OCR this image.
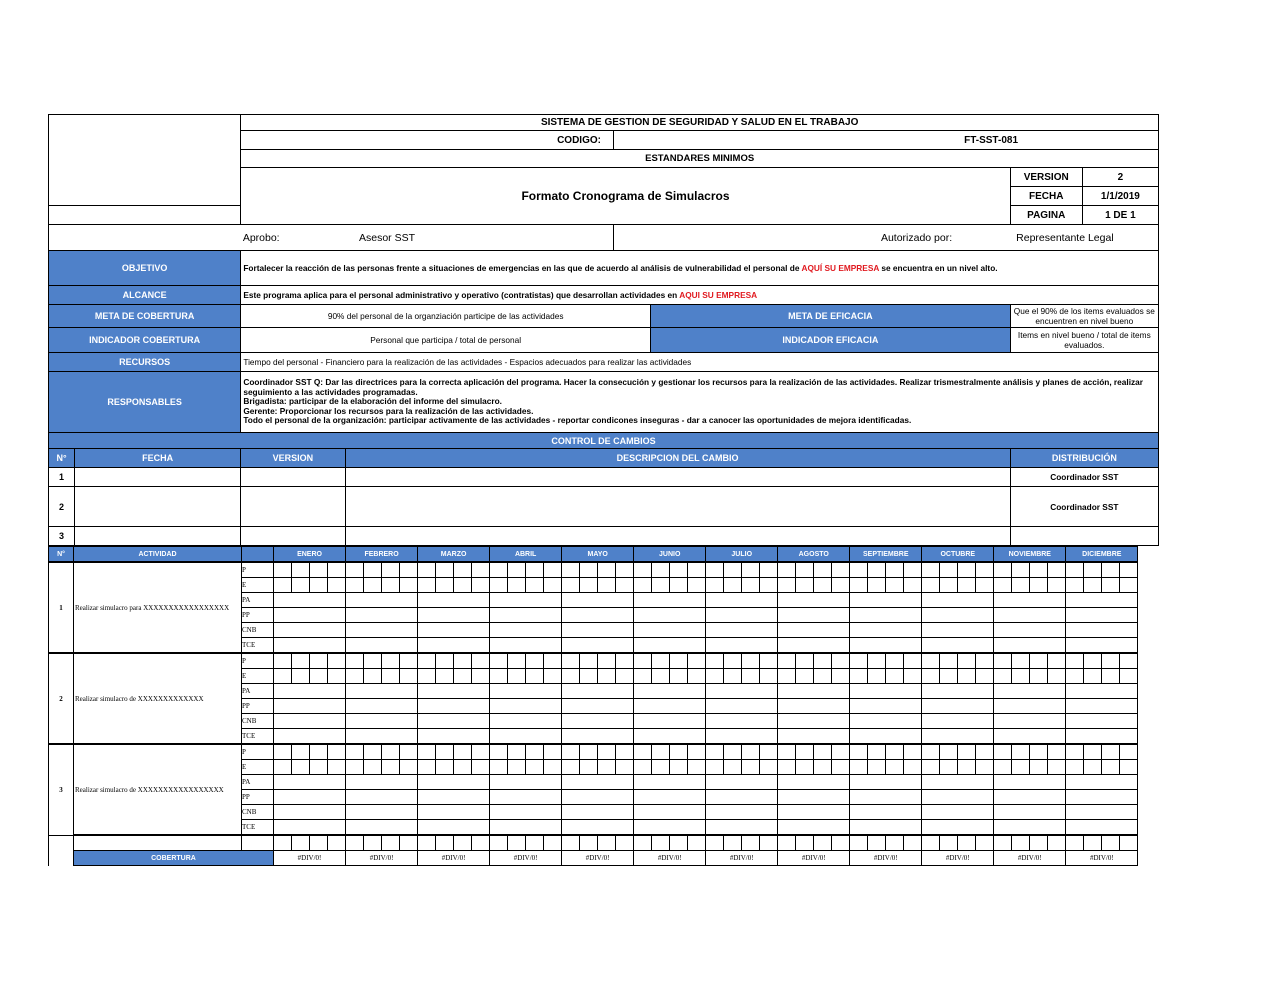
		SISTEMA DE GESTION DE SEGURIDAD Y SALUD EN EL TRABAJO					
		CODIGO:		FT-SST-081			
		ESTANDARES MINIMOS					
		Formato Cronograma de Simulacros				VERSION	2
						FECHA	1/1/2019
						PAGINA	1 DE 1
		Aprobo:	Asesor SST	Autorizado por:		Representante Legal	
OBJETIVO		Fortalecer la reacción de las personas frente a situaciones de emergencias en las que de acuerdo al análisis de vulnerabilidad el personal de AQUÍ SU EMPRESA se encuentra en un nivel alto.					
ALCANCE		Este programa aplica para el personal administrativo y operativo (contratistas) que desarrollan actividades en AQUI SU EMPRESA					
META DE COBERTURA		90% del personal de la organziación participe de las actividades			META DE EFICACIA	Que el 90% de los items evaluados se encuentren en nivel bueno	
INDICADOR COBERTURA		Personal que participa / total de personal			INDICADOR EFICACIA	Items en nivel bueno / total de items evaluados.	
RECURSOS		Tiempo del personal - Financiero para la realización de las actividades - Espacios adecuados para realizar las actividades					
RESPONSABLES		Coordinador SST Q: Dar las directrices para la correcta aplicación del programa. Hacer la consecución y gestionar los recursos para la realización de las actividades. Realizar trismestralmente análisis y planes de acción, realizar seguimiento a las actividades programadas.
Brigadista: participar de la elaboración del informe del simulacro.
Gerente: Proporcionar los recursos para la realización de las actividades.
Todo el personal de la organización: participar activamente de las actividades - reportar condicones inseguras - dar a canocer las oportunidades de mejora identificadas.					

CONTROL DE CAMBIOS							
N°	FECHA	VERSION	DESCRIPCION DEL CAMBIO			DISTRIBUCIÓN	
1						Coordinador SST	
2						Coordinador SST	
3							
N°	ACTIVIDAD		ENERO				FEBRERO				MARZO				ABRIL				MAYO				JUNIO				JULIO				AGOSTO				SEPTIEMBRE				OCTUBRE				NOVIEMBRE				DICIEMBRE			
1	Realizar simulacro para XXXXXXXXXXXXXXXXX	P																																																
		E																																																
		PA																																																
		PP																																																
		CNB																																																
		TCE																																																
2	Realizar simulacro de XXXXXXXXXXXXX	P																																																
		E																																																
		PA																																																
		PP																																																
		CNB																																																
		TCE																																																
3	Realizar simulacro de XXXXXXXXXXXXXXXXX	P																																																
		E																																																
		PA																																																
		PP																																																
		CNB																																																
		TCE																																																

	COBERTURA		#DIV/0!				#DIV/0!				#DIV/0!				#DIV/0!				#DIV/0!				#DIV/0!				#DIV/0!				#DIV/0!				#DIV/0!				#DIV/0!				#DIV/0!				#DIV/0!			
